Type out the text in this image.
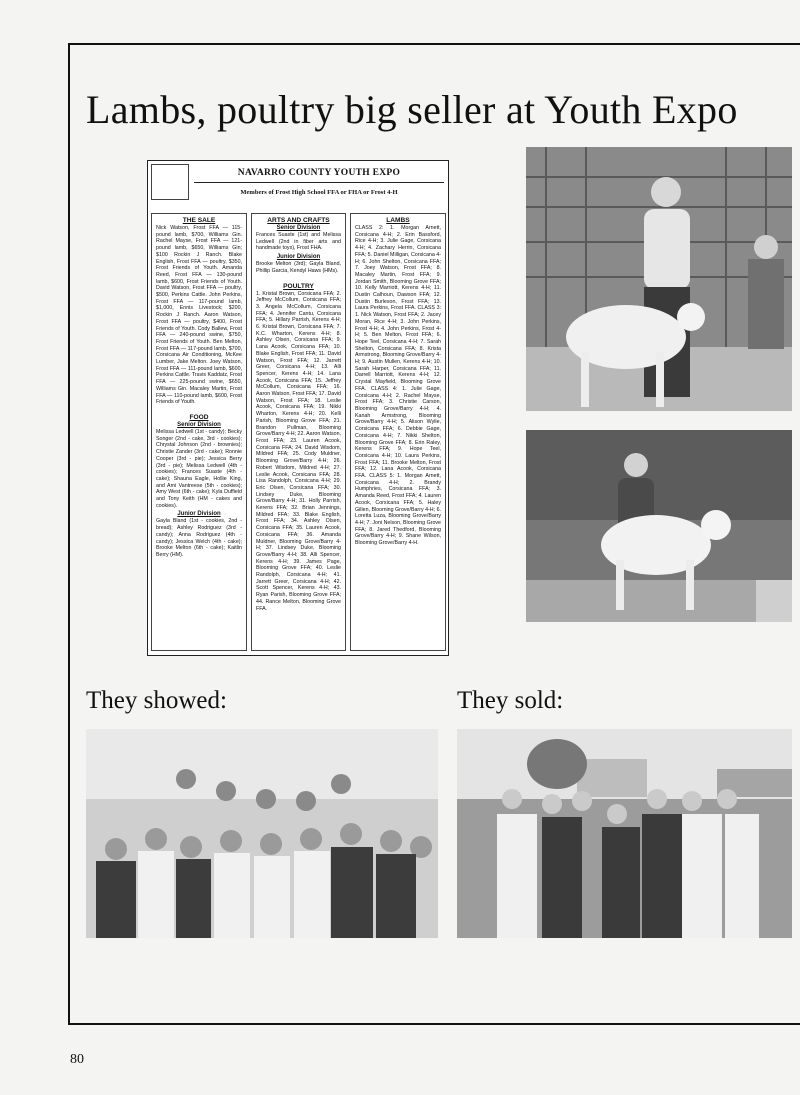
Lambs, poultry big seller at Youth Expo
NAVARRO COUNTY YOUTH EXPO
Members of Frost High School FFA or FHA or Frost 4-H
THE SALE

Nick Watson, Frost FFA — 115-pound lamb, $700, Williams Gin. Rachel Mayse, Frost FFA — 121-pound lamb, $650, Williams Gin; $100 Rockin J Ranch. Blake English, Frost FFA — poultry, $350, Frost Friends of Youth. Amanda Reed, Frost FFA — 130-pound lamb, $600, Frost Friends of Youth. David Watson, Frost FFA — poultry, $500, Perkins Cattle. John Perkins, Frost FFA — 117-pound lamb, $1,000, Ennis Livestock; $200, Rockin J Ranch. Aaron Watson, Frost FFA — poultry, $400, Frost Friends of Youth. Cody Ballew, Frost FFA — 240-pound swine, $750, Frost Friends of Youth. Ben Melton, Frost FFA — 117-pound lamb, $700, Corsicana Air Conditioning, McKee Lumber, Jake Melton. Joey Watson, Frost FFA — 111-pound lamb, $600, Perkins Cattle. Travis Kaddatz, Frost FFA — 225-pound swine, $650, Williams Gin. Macaley Martin, Frost FFA — 110-pound lamb, $600, Frost Friends of Youth.

FOOD
Senior Division

Melissa Ledwell (1st - candy); Becky Songer (2nd - cake, 3rd - cookies); Chrystal Johnson (2nd - brownies); Christie Zander (3rd - cake); Ronnie Cooper (3rd - pie); Jessica Berry (3rd - pie); Melissa Ledwell (4th - cookies); Frances Suaste (4th - cake); Shauna Eagle, Hollie King, and Ami Vantreese (5th - cookies); Amy West (6th - cake); Kyla Duffield and Tony Keith (HM - cakes and cookies).

Junior Division

Gayla Bland (1st - cookies, 2nd - bread); Ashley Rodriguez (3rd - candy); Anna Rodriguez (4th - candy); Jessica Welch (4th - cake); Brooke Melton (6th - cake); Kaitlin Berry (HM).

ARTS AND CRAFTS
Senior Division

Frances Suaste (1st) and Melissa Ledwell (2nd in fiber arts and handmade toys), Frost FHA.

Junior Division

Brooke Melton (3rd); Gayla Bland, Phillip Garcia, Kendyl Haws (HMs).

POULTRY

1. Kristal Brown, Corsicana FFA; 2. Jeffrey McCollum, Corsicana FFA; 3. Angela McCollum, Corsicana FFA; 4. Jennifer Cantu, Corsicana FFA; 5. Hillary Parrish, Kerens 4-H; 6. Kristal Brown, Corsicana FFA; 7. K.C. Wharton, Kerens 4-H; 8. Ashley Olsen, Corsicana FFA; 9. Lana Acook, Corsicana FFA; 10. Blake English, Frost FFA; 11. David Watson, Frost FFA; 12. Jarrett Greer, Corsicana 4-H; 13. Alli Spencer, Kerens 4-H; 14. Lana Acook, Corsicana FFA; 15. Jeffrey McCollum, Corsicana FFA; 16. Aaron Watson, Frost FFA; 17. David Watson, Frost FFA; 18. Leslie Acook, Corsicana FFA; 19. Nikki Wharton, Kerens 4-H; 20. Kelli Parish, Blooming Grove FFA; 21. Brandon Pullman, Blooming Grove/Barry 4-H; 22. Aaron Watson, Frost FFA; 23. Lauren Acook, Corsicana FFA; 24. David Wisdom, Mildred FFA; 25. Cody Muldner, Blooming Grove/Barry 4-H; 26. Robert Wisdom, Mildred 4-H; 27. Leslie Acook, Corsicana FFA; 28. Lisa Randolph, Corsicana 4-H; 29. Eric Olsen, Corsicana FFA; 30. Lindsey Duke, Blooming Grove/Barry 4-H; 31. Holly Parrish, Kerens FFA; 32. Brian Jennings, Mildred FFA; 33. Blake English, Frost FFA; 34. Ashley Olsen, Corsicana FFA; 35. Lauren Acook, Corsicana FFA; 36. Amanda Muldner, Blooming Grove/Barry 4-H; 37. Lindsey Duke, Blooming Grove/Barry 4-H; 38. Alli Spencer, Kerens 4-H; 39. James Page, Blooming Grove FFA; 40. Leslie Randolph, Corsicana 4-H; 41. Jarrett Greer, Corsicana 4-H; 42. Scott Spencer, Kerens 4-H; 43. Ryan Parish, Blooming Grove FFA; 44. Rance Melton, Blooming Grove FFA.

LAMBS

CLASS 2: 1. Morgan Arnett, Corsicana 4-H; 2. Erin Bassford, Rice 4-H; 3. Julie Gage, Corsicana 4-H; 4. Zachary Herrin, Corsicana FFA; 5. Daniel Milligan, Corsicana 4-H; 6. John Shelton, Corsicana FFA; 7. Joey Watson, Frost FFA; 8. Macaley Martin, Frost FFA; 9. Jordan Smith, Blooming Grove FFA; 10. Kelly Marriott, Kerens 4-H; 11. Dustin Calhoun, Dawson FFA; 12. Dustin Burleson, Frost FFA; 13. Laura Perkins, Frost FFA. CLASS 3: 1. Nick Watson, Frost FFA; 2. Jacey Moran, Rice 4-H; 3. John Perkins, Frost 4-H; 4. John Perkins, Frost 4-H; 5. Ben Melton, Frost FFA; 6. Hope Teel, Corsicana 4-H; 7. Sarah Shelton, Corsicana FFA; 8. Krista Armstrong, Blooming Grove/Barry 4-H; 9. Austin Mullen, Kerens 4-H; 10. Sarah Harper, Corsicana FFA; 11. Darrell Marriott, Kerens 4-H; 12. Crystal Mayfield, Blooming Grove FFA. CLASS 4: 1. Julie Gage, Corsicana 4-H; 2. Rachel Mayse, Frost FFA; 3. Christie Carson, Blooming Grove/Barry 4-H; 4. Kanah Armstrong, Blooming Grove/Barry 4-H; 5. Alison Wylie, Corsicana FFA; 6. Debbie Gage, Corsicana 4-H; 7. Nikki Shelton, Blooming Grove FFA; 8. Erin Raley, Kerens FFA; 9. Hope Teel, Corsicana 4-H; 10. Laura Perkins, Frost FFA; 11. Brooke Melton, Frost FFA; 12. Lana Acook, Corsicana FFA. CLASS 5: 1. Morgan Arnett, Corsicana 4-H; 2. Brandy Humphries, Corsicana FFA; 3. Amanda Reed, Frost FFA; 4. Lauren Acook, Corsicana FFA; 5. Haley Gillen, Blooming Grove/Barry 4-H; 6. Loretta Luza, Blooming Grove/Barry 4-H; 7. Joni Nelson, Blooming Grove FFA; 8. Jared Thedford, Blooming Grove/Barry 4-H; 9. Shane Wilson, Blooming Grove/Barry 4-H.

They showed:	They sold:
80
